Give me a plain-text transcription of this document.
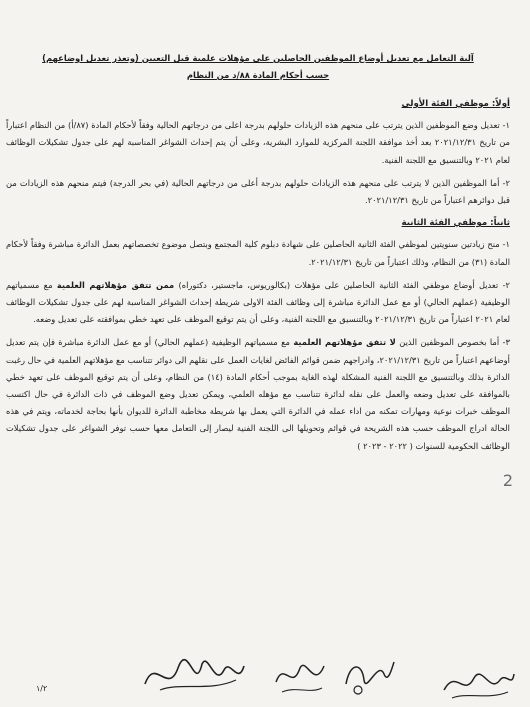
آلية التعامل مع تعديل أوضاع الموظفين الحاصلين على مؤهلات علمية قبل التعيين (وتعذر تعديل اوضاعهم)
حسب أحكام المادة ٨٨/د من النظام
أولاً: موظفي الفئة الأولى

١- تعديل وضع الموظفين الذين يترتب على منحهم هذه الزيادات حلولهم بدرجة اعلى من درجاتهم الحالية وفقاً لأحكام المادة (٨٧/أ) من النظام اعتباراً من تاريخ ٢٠٢١/١٢/٣١ بعد أخذ موافقة اللجنة المركزية للموارد البشرية، وعلى أن يتم إحداث الشواغر المناسبة لهم على جدول تشكيلات الوظائف لعام ٢٠٢١ وبالتنسيق مع اللجنة الفنية.

٢- أما الموظفين الذين لا يترتب على منحهم هذه الزيادات حلولهم بدرجة أعلى من درجاتهم الحالية (في بحر الدرجة) فيتم منحهم هذه الزيادات من قبل دوائرهم اعتباراً من تاريخ ٢٠٢١/١٢/٣١.

ثانياً: موظفي الفئة الثانية

١- منح زيادتين سنويتين لموظفي الفئة الثانية الحاصلين على شهادة دبلوم كلية المجتمع وبتصل موضوع تخصصاتهم بعمل الدائرة مباشرة وفقاً لأحكام المادة (٣١) من النظام، وذلك اعتباراً من تاريخ ٢٠٢١/١٢/٣١.

٢- تعديل أوضاع موظفي الفئة الثانية الحاصلين على مؤهلات (بكالوريوس، ماجستير، دكتوراه) ممن تتفق مؤهلاتهم العلمية مع مسمياتهم الوظيفية (عملهم الحالي) أو مع عمل الدائرة مباشرة إلى وظائف الفئة الاولى شريطة إحداث الشواغر المناسبة لهم على جدول تشكيلات الوظائف لعام ٢٠٢١ اعتباراً من تاريخ ٢٠٢١/١٢/٣١ وبالتنسيق مع اللجنة الفنية، وعلى أن يتم توقيع الموظف على تعهد خطي بموافقته على تعديل وضعه.

٣- أما بخصوص الموظفين الذين لا تتفق مؤهلاتهم العلمية مع مسمياتهم الوظيفية (عملهم الحالي) أو مع عمل الدائرة مباشرة فإن يتم تعديل أوضاعهم اعتباراً من تاريخ ٢٠٢١/١٢/٣١، وادراجهم ضمن قوائم الفائض لغايات العمل على نقلهم الى دوائر تتناسب مع مؤهلاتهم العلمية في حال رغبت الدائرة بذلك وبالتنسيق مع اللجنة الفنية المشكلة لهذه الغاية بموجب أحكام المادة (١٤) من النظام، وعلى أن يتم توقيع الموظف على تعهد خطي بالموافقة على تعديل وضعه والعمل على نقله لدائرة تتناسب مع مؤهله العلمي، ويمكن تعديل وضع الموظف في ذات الدائرة في حال اكتسب الموظف خبرات نوعية ومهارات تمكنه من اداء عمله في الدائرة التي يعمل بها شريطة مخاطبة الدائرة للديوان بأنها بحاجة لخدماته، ويتم في هذه الحالة ادراج الموظف حسب هذه الشريحة في قوائم وتحويلها الى اللجنة الفنية ليصار إلى التعامل معها حسب توفر الشواغر على جدول تشكيلات الوظائف الحكومية للسنوات ( ٢٠٢٢ - ٢٠٢٣ )

2
١/٢
